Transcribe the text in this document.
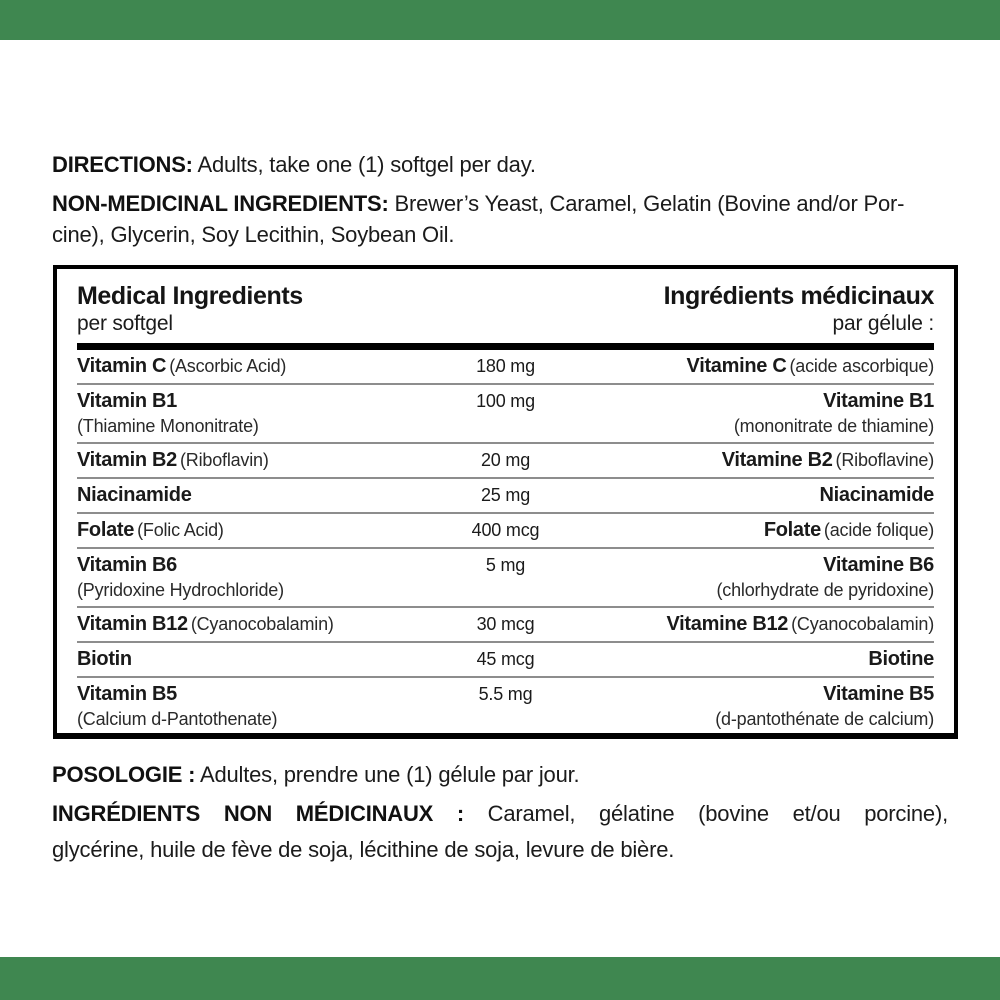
DIRECTIONS: Adults, take one (1) softgel per day.

NON-MEDICINAL INGREDIENTS: Brewer’s Yeast, Caramel, Gelatin (Bovine and/or Por-
cine), Glycerin, Soy Lecithin, Soybean Oil.

Medical Ingredients
per softgel
Ingrédients médicinaux
par gélule :
Vitamin C (Ascorbic Acid)	180 mg	Vitamine C (acide ascorbique)
Vitamin B1
(Thiamine Mononitrate)
100 mg	Vitamine B1
(mononitrate de thiamine)
Vitamin B2 (Riboflavin)	20 mg	Vitamine B2 (Riboflavine)
Niacinamide	25 mg	Niacinamide
Folate (Folic Acid)	400 mcg	Folate (acide folique)
Vitamin B6
(Pyridoxine Hydrochloride)
5 mg	Vitamine B6
(chlorhydrate de pyridoxine)
Vitamin B12 (Cyanocobalamin)	30 mcg	Vitamine B12 (Cyanocobalamin)
Biotin	45 mcg	Biotine
Vitamin B5
(Calcium d-Pantothenate)
5.5 mg	Vitamine B5
(d-pantothénate de calcium)

POSOLOGIE : Adultes, prendre une (1) gélule par jour.

INGRÉDIENTS NON MÉDICINAUX : Caramel, gélatine (bovine et/ou porcine),
glycérine, huile de fève de soja, lécithine de soja, levure de bière.
